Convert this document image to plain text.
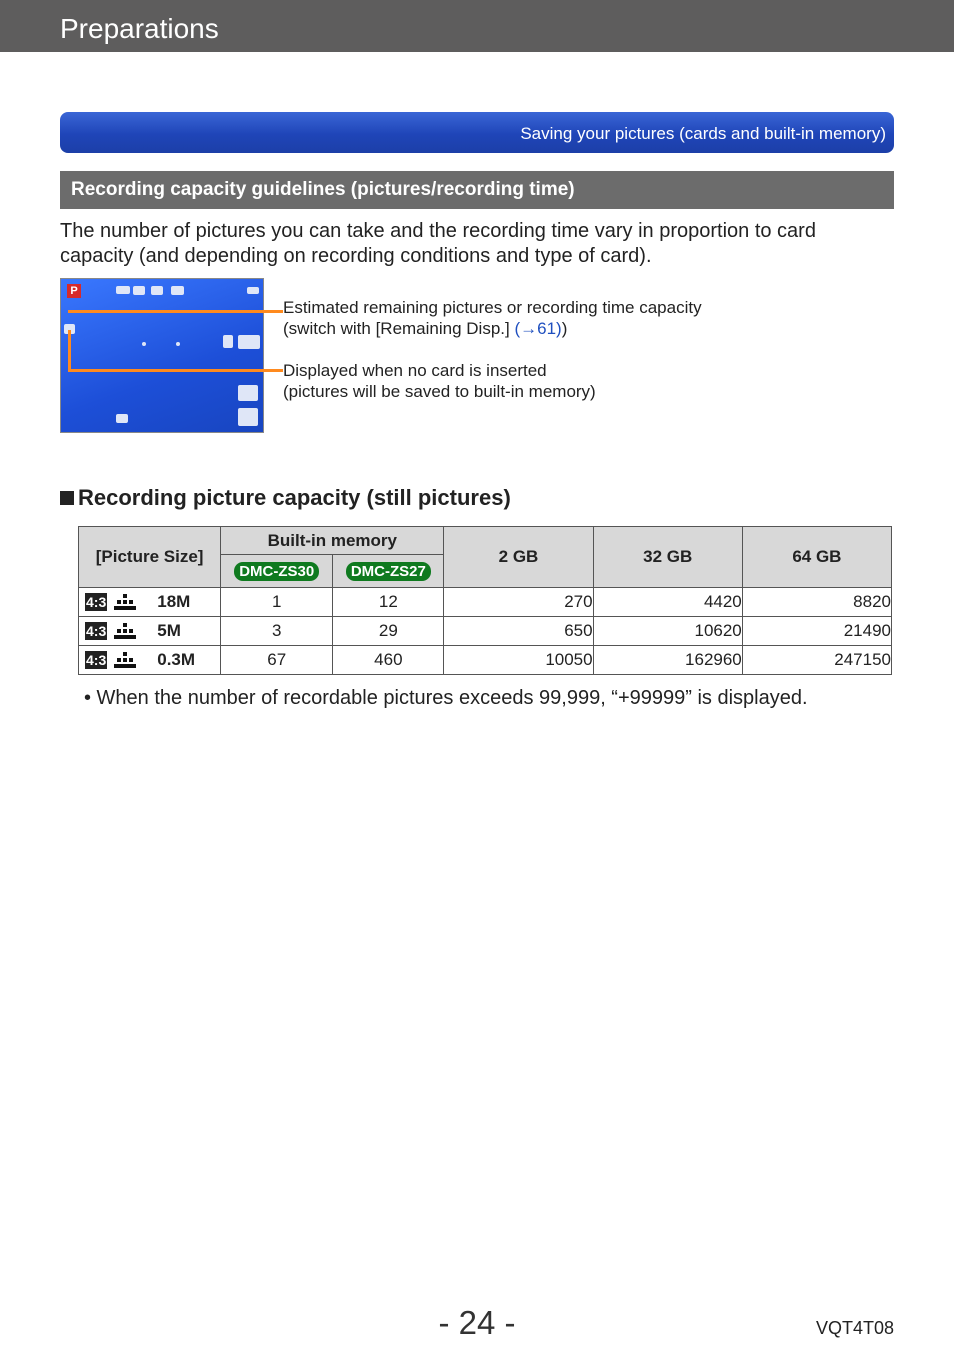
Preparations
Saving your pictures (cards and built-in memory)
Recording capacity guidelines (pictures/recording time)
The number of pictures you can take and the recording time vary in proportion to card capacity (and depending on recording conditions and type of card).
P
Estimated remaining pictures or recording time capacity
(switch with [Remaining Disp.] (→61))
Displayed when no card is inserted
(pictures will be saved to built-in memory)
Recording picture capacity (still pictures)
[Picture Size]	Built-in memory		2 GB	32 GB	64 GB
	DMC-ZS30	DMC-ZS27			
4:3 18M	1	12	270	4420	8820
4:3 5M	3	29	650	10620	21490
4:3 0.3M	67	460	10050	162960	247150
• When the number of recordable pictures exceeds 99,999, “+99999” is displayed.
- 24 -	VQT4T08
